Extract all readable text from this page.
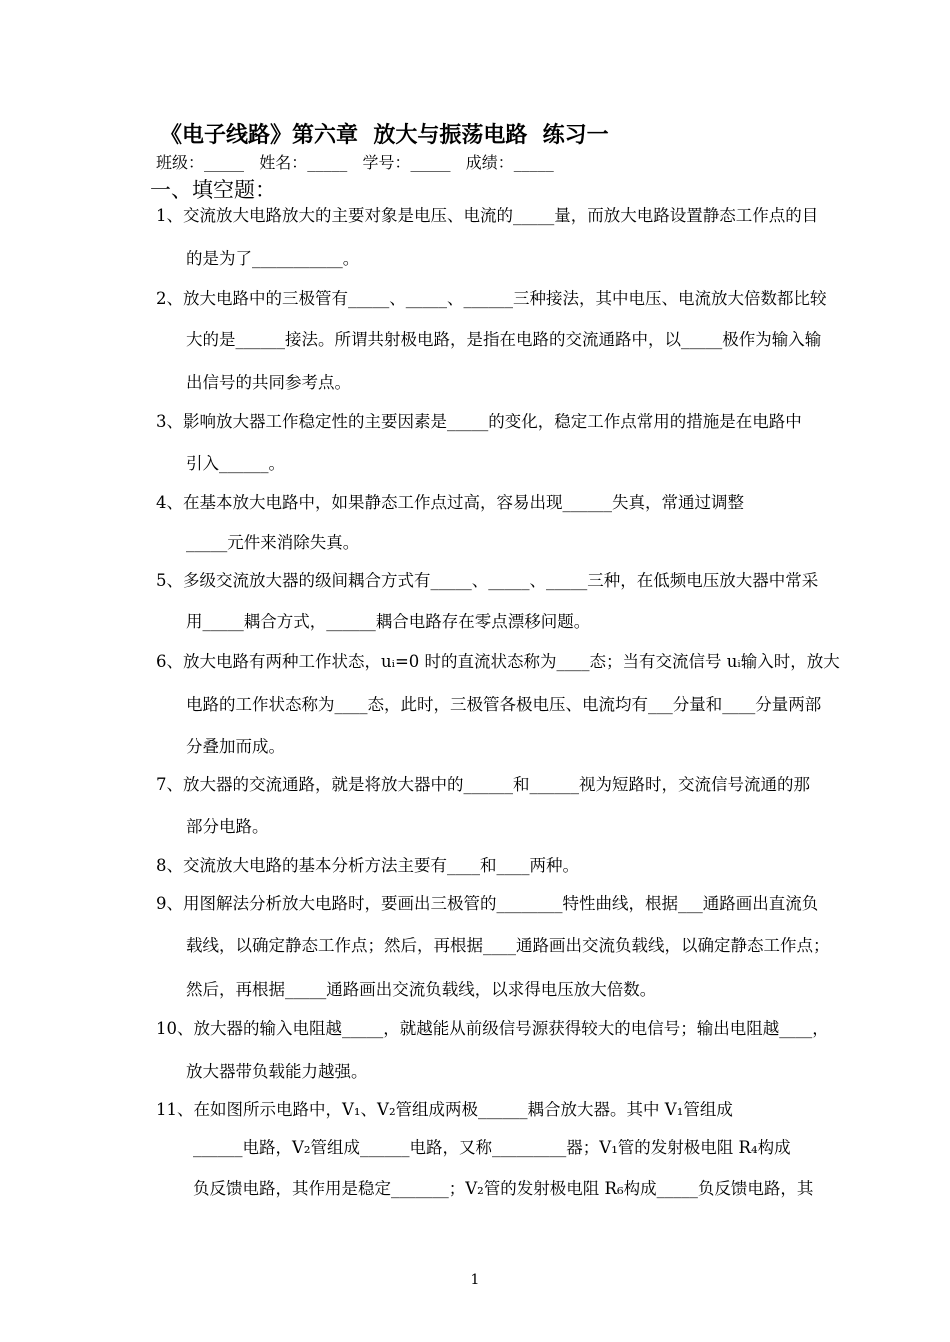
《电子线路》第六章  放大与振荡电路  练习一
班级：_____   姓名：_____   学号：_____   成绩：_____
一、填空题：
1、交流放大电路放大的主要对象是电压、电流的_____量，而放大电路设置静态工作点的目
的是为了___________。
2、放大电路中的三极管有_____、_____、______三种接法，其中电压、电流放大倍数都比较
大的是______接法。所谓共射极电路，是指在电路的交流通路中，以_____极作为输入输
出信号的共同参考点。
3、影响放大器工作稳定性的主要因素是_____的变化，稳定工作点常用的措施是在电路中
引入______。
4、在基本放大电路中，如果静态工作点过高，容易出现______失真，常通过调整
_____元件来消除失真。
5、多级交流放大器的级间耦合方式有_____、_____、_____三种，在低频电压放大器中常采
用_____耦合方式，______耦合电路存在零点漂移问题。
6、放大电路有两种工作状态，uᵢ=0 时的直流状态称为____态；当有交流信号 uᵢ输入时，放大
电路的工作状态称为____态，此时，三极管各极电压、电流均有___分量和____分量两部
分叠加而成。
7、放大器的交流通路，就是将放大器中的______和______视为短路时，交流信号流通的那
部分电路。
8、交流放大电路的基本分析方法主要有____和____两种。
9、用图解法分析放大电路时，要画出三极管的________特性曲线，根据___通路画出直流负
载线，以确定静态工作点；然后，再根据____通路画出交流负载线，以确定静态工作点；
然后，再根据_____通路画出交流负载线，以求得电压放大倍数。
10、放大器的输入电阻越_____，就越能从前级信号源获得较大的电信号；输出电阻越____，
放大器带负载能力越强。
11、在如图所示电路中，V₁、V₂管组成两极______耦合放大器。其中 V₁管组成
______电路，V₂管组成______电路，又称_________器；V₁管的发射极电阻 R₄构成
负反馈电路，其作用是稳定_______；V₂管的发射极电阻 R₆构成_____负反馈电路，其
1
